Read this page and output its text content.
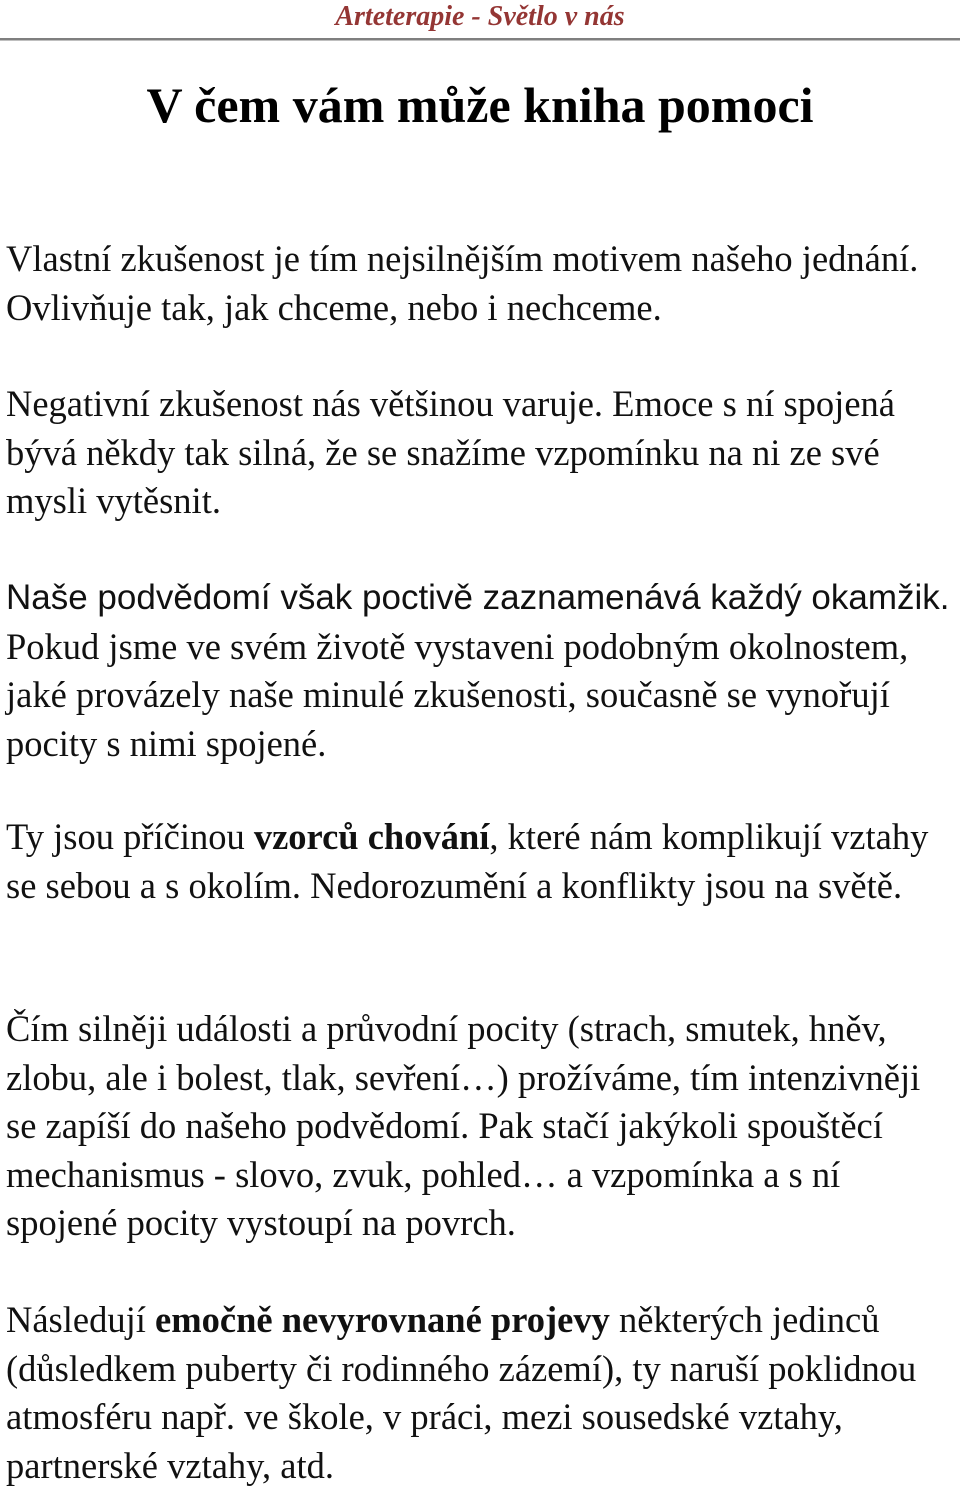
Arteterapie - Světlo v nás
V čem vám může kniha pomoci

Vlastní zkušenost je tím nejsilnějším motivem našeho jednání. Ovlivňuje tak, jak chceme, nebo i nechceme.

Negativní zkušenost nás většinou varuje. Emoce s ní spojená bývá někdy tak silná, že se snažíme vzpomínku na ni ze své mysli vytěsnit.

Naše podvědomí však poctivě zaznamenává každý okamžik. Pokud jsme ve svém životě vystaveni podobným okolnostem, jaké provázely naše minulé zkušenosti, současně se vynořují pocity s nimi spojené.

Ty jsou příčinou vzorců chování, které nám komplikují vztahy se sebou a s okolím. Nedorozumění a konflikty jsou na světě.

Čím silněji události a průvodní pocity (strach, smutek, hněv, zlobu, ale i bolest, tlak, sevření…) prožíváme, tím intenzivněji se zapíší do našeho podvědomí. Pak stačí jakýkoli spouštěcí mechanismus - slovo, zvuk, pohled… a vzpomínka a s ní spojené pocity vystoupí na povrch.

Následují emočně nevyrovnané projevy některých jedinců (důsledkem puberty či rodinného zázemí), ty naruší poklidnou atmosféru např. ve škole, v práci, mezi sousedské vztahy, partnerské vztahy, atd.
